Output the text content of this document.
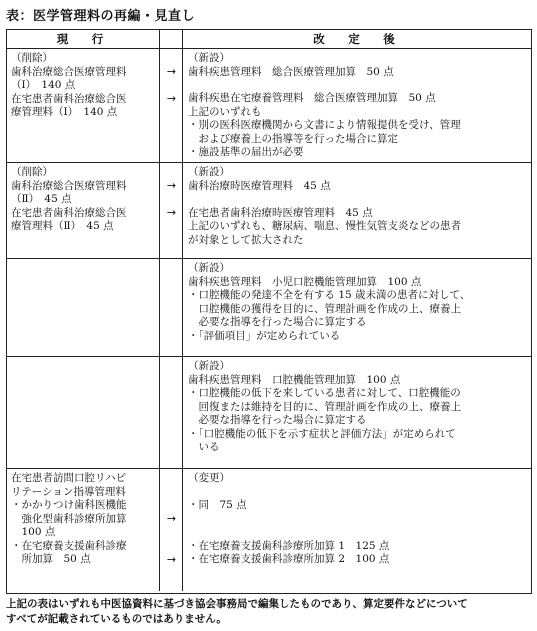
表：医学管理料の再編・見直し
現　行	改　定　後
（削除）
歯科治療総合医療管理料
（Ⅰ）　140 点
在宅患者歯科治療総合医
療管理料（Ⅰ）　140 点
→
→
（新設）
歯科疾患管理料　総合医療管理加算　50 点
歯科疾患在宅療養管理料　総合医療管理加算　50 点
上記のいずれも
・別の医科医療機関から文書により情報提供を受け、管理
　および療養上の指導等を行った場合に算定
・施設基準の届出が必要
（削除）
歯科治療総合医療管理料
（Ⅱ）　45 点
在宅患者歯科治療総合医
療管理料（Ⅱ）　45 点
→
→
（新設）
歯科治療時医療管理料　45 点
在宅患者歯科治療時医療管理料　45 点
上記のいずれも、糖尿病、喘息、慢性気管支炎などの患者
が対象として拡大された
（新設）
歯科疾患管理料　小児口腔機能管理加算　100 点
・口腔機能の発達不全を有する 15 歳未満の患者に対して、
　口腔機能の獲得を目的に、管理計画を作成の上、療養上
　必要な指導を行った場合に算定する
・「評価項目」が定められている
（新設）
歯科疾患管理料　口腔機能管理加算　100 点
・口腔機能の低下を来している患者に対して、口腔機能の
　回復または維持を目的に、管理計画を作成の上、療養上
　必要な指導を行った場合に算定する
・「口腔機能の低下を示す症状と評価方法」が定められて
　いる
在宅患者訪問口腔リハビ
リテーション指導管理料
・かかりつけ歯科医機能
　強化型歯科診療所加算
　100 点
・在宅療養支援歯科診療
　所加算　50 点
→
→
（変更）
・同　75 点
・在宅療養支援歯科診療所加算 1　125 点
・在宅療養支援歯科診療所加算 2　100 点
上記の表はいずれも中医協資料に基づき協会事務局で編集したものであり、算定要件などについて
すべてが記載されているものではありません。
